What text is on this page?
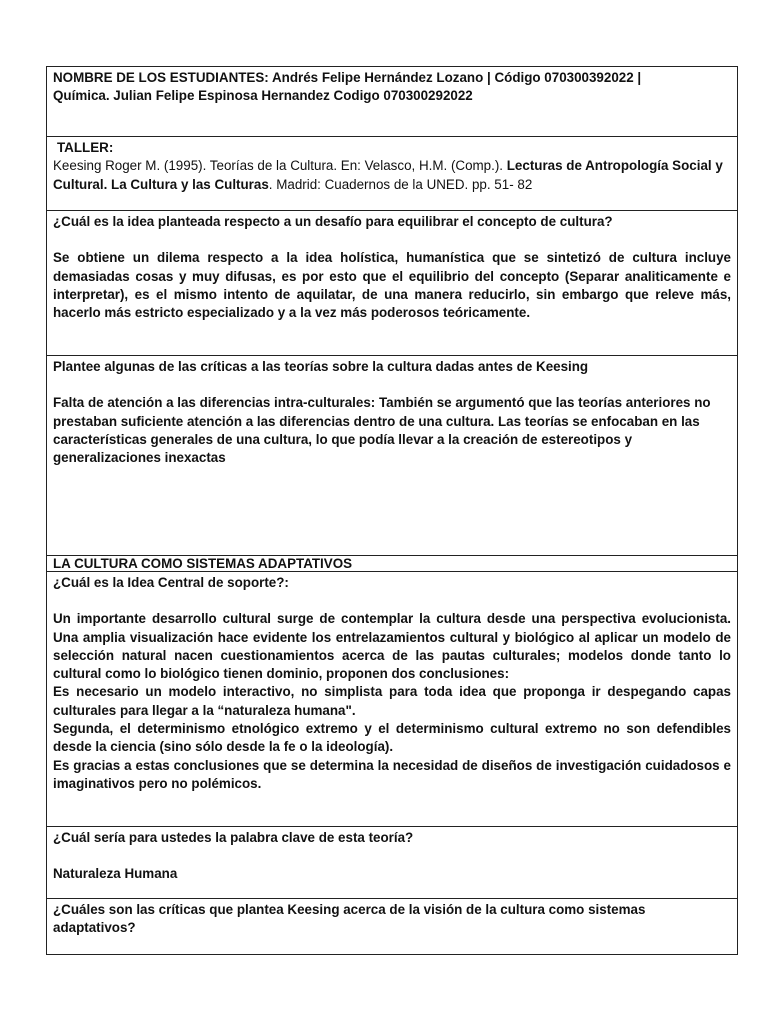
NOMBRE DE LOS ESTUDIANTES: Andrés Felipe Hernández Lozano | Código 070300392022 |

Química. Julian Felipe Espinosa Hernandez Codigo 070300292022

TALLER:

Keesing Roger M. (1995). Teorías de la Cultura. En: Velasco, H.M. (Comp.). Lecturas de Antropología Social y Cultural. La Cultura y las Culturas. Madrid: Cuadernos de la UNED. pp. 51- 82

¿Cuál es la idea planteada respecto a un desafío para equilibrar el concepto de cultura?

Se obtiene un dilema respecto a la idea holística, humanística que se sintetizó de cultura incluye demasiadas cosas y muy difusas, es por esto que el equilibrio del concepto (Separar analiticamente e interpretar), es el mismo intento de aquilatar, de una manera reducirlo, sin embargo que releve más, hacerlo más estricto especializado y a la vez más poderosos teóricamente.

Plantee algunas de las críticas a las teorías sobre la cultura dadas antes de Keesing

Falta de atención a las diferencias intra-culturales: También se argumentó que las teorías anteriores no prestaban suficiente atención a las diferencias dentro de una cultura. Las teorías se enfocaban en las características generales de una cultura, lo que podía llevar a la creación de estereotipos y generalizaciones inexactas

LA CULTURA COMO SISTEMAS ADAPTATIVOS

¿Cuál es la Idea Central de soporte?:

Un importante desarrollo cultural surge de contemplar la cultura desde una perspectiva evolucionista. Una amplia visualización hace evidente los entrelazamientos cultural y biológico al aplicar un modelo de selección natural nacen cuestionamientos acerca de las pautas culturales; modelos donde tanto lo cultural como lo biológico tienen dominio, proponen dos conclusiones:

Es necesario un modelo interactivo, no simplista para toda idea que proponga ir despegando capas culturales para llegar a la “naturaleza humana".

Segunda, el determinismo etnológico extremo y el determinismo cultural extremo no son defendibles desde la ciencia (sino sólo desde la fe o la ideología).

Es gracias a estas conclusiones que se determina la necesidad de diseños de investigación cuidadosos e imaginativos pero no polémicos.

¿Cuál sería para ustedes la palabra clave de esta teoría?

Naturaleza Humana

¿Cuáles son las críticas que plantea Keesing acerca de la visión de la cultura como sistemas adaptativos?
